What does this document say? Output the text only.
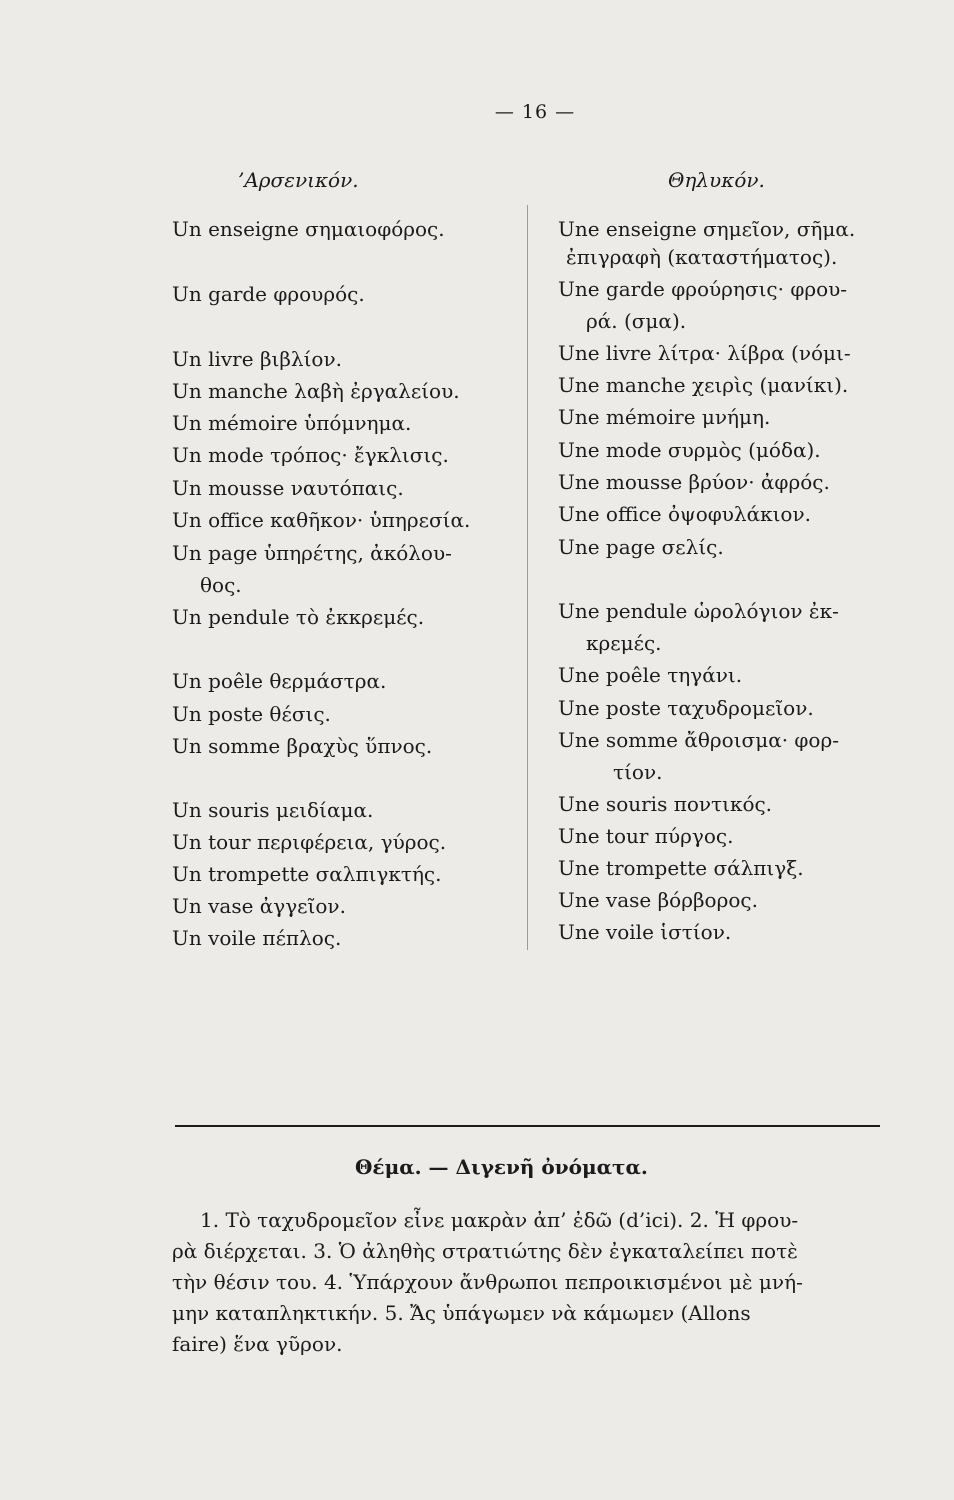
— 16 —
’Αρσενικόν.	Θηλυκόν.
Un enseigne σημαιοφόρος.
Un garde φρουρός.
Un livre βιβλίον.
Un manche λαβὴ ἐργαλείου.
Un mémoire ὑπόμνημα.
Un mode τρόπος· ἔγκλισις.
Un mousse ναυτόπαις.
Un office καθῆκον· ὑπηρεσία.
Un page ὑπηρέτης, ἀκόλου-
θος.
Un pendule τὸ ἐκκρεμές.
Un poêle θερμάστρα.
Un poste θέσις.
Un somme βραχὺς ὕπνος.
Un souris μειδίαμα.
Un tour περιφέρεια, γύρος.
Un trompette σαλπιγκτής.
Un vase ἀγγεῖον.
Un voile πέπλος.
Une enseigne σημεῖον, σῆμα.
ἐπιγραφὴ (καταστήματος).
Une garde φρούρησις· φρου-
ρά. (σμα).
Une livre λίτρα· λίβρα (νόμι-
Une manche χειρὶς (μανίκι).
Une mémoire μνήμη.
Une mode συρμὸς (μόδα).
Une mousse βρύον· ἀφρός.
Une office ὀψοφυλάκιον.
Une page σελίς.
Une pendule ὡρολόγιον ἐκ-
κρεμές.
Une poêle τηγάνι.
Une poste ταχυδρομεῖον.
Une somme ἄθροισμα· φορ-
τίον.
Une souris ποντικός.
Une tour πύργος.
Une trompette σάλπιγξ.
Une vase βόρβορος.
Une voile ἱστίον.
Θέμα. — Διγενῆ ὀνόματα.
1. Τὸ ταχυδρομεῖον εἶνε μακρὰν ἀπ’ ἐδῶ (d’ici). 2. Ἡ φρου-
ρὰ διέρχεται. 3. Ὁ ἀληθὴς στρατιώτης δὲν ἐγκαταλείπει ποτὲ
τὴν θέσιν του. 4. Ὑπάρχουν ἄνθρωποι πεπροικισμένοι μὲ μνή-
μην καταπληκτικήν. 5. Ἄς ὑπάγωμεν νὰ κάμωμεν (Allons
faire) ἕνα γῦρον.
